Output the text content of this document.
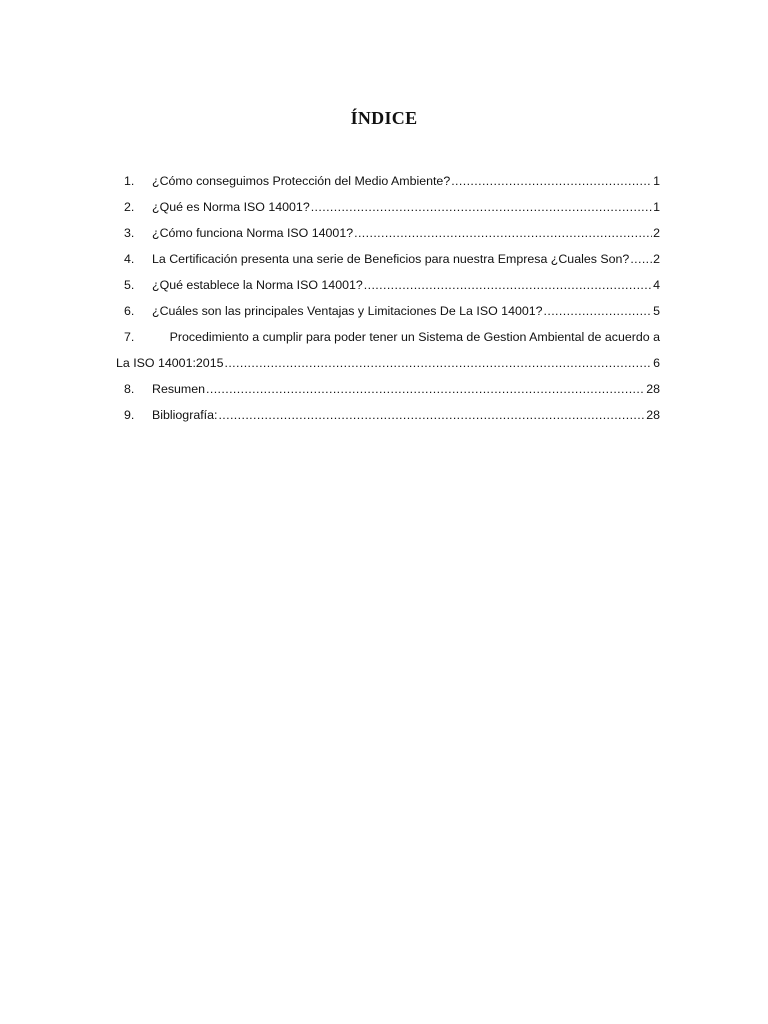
ÍNDICE
1.	¿Cómo conseguimos Protección del Medio Ambiente? .....	1
2.	¿Qué es Norma ISO 14001? .....	1
3.	¿Cómo funciona Norma ISO 14001? .....	2
4.	La Certificación presenta una serie de Beneficios para nuestra Empresa ¿Cuales Son? ..... 2
5.	¿Qué establece la Norma ISO 14001? .....	4
6.	¿Cuáles son las principales Ventajas y Limitaciones De La ISO 14001? .....	5
7.	Procedimiento a cumplir para poder tener un Sistema de Gestion Ambiental de acuerdo a
La ISO 14001:2015 .....	6
8.	Resumen .....	28
9.	Bibliografía: .....	28
